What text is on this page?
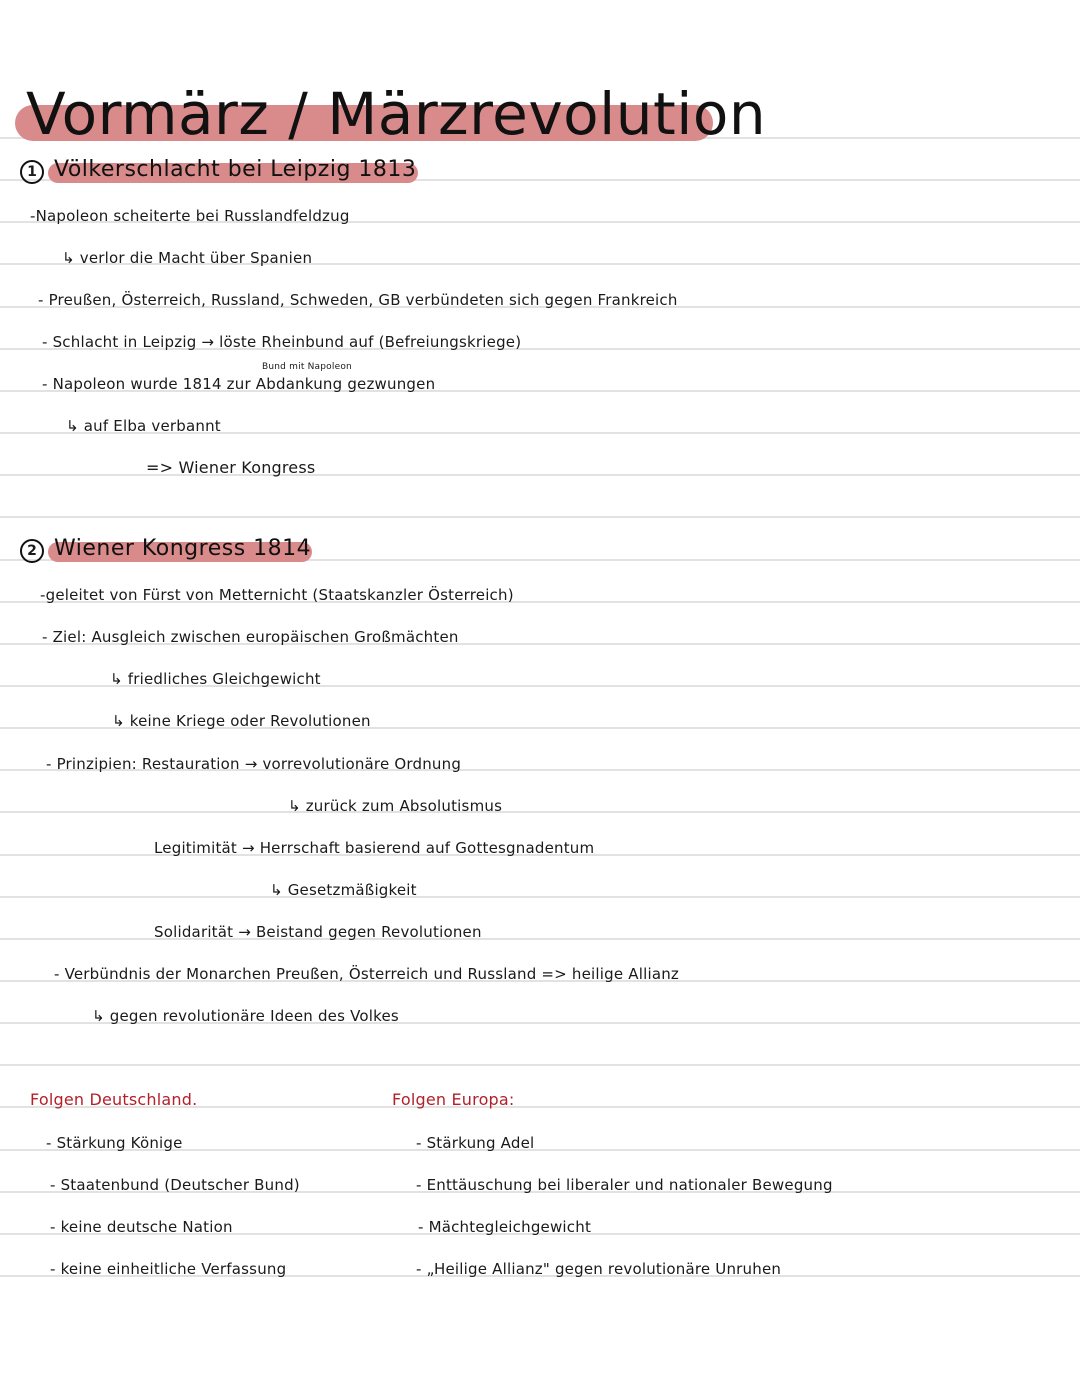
Vormärz / Märzrevolution
1 Völkerschlacht bei Leipzig 1813
-Napoleon scheiterte bei Russlandfeldzug
↳ verlor die Macht über Spanien
- Preußen, Österreich, Russland, Schweden, GB verbündeten sich gegen Frankreich
- Schlacht in Leipzig → löste Rheinbund auf (Befreiungskriege)
Bund mit Napoleon
- Napoleon wurde 1814 zur Abdankung gezwungen
↳ auf Elba verbannt
=> Wiener Kongress
2 Wiener Kongress 1814
-geleitet von Fürst von Metternicht (Staatskanzler Österreich)
- Ziel: Ausgleich zwischen europäischen Großmächten
↳ friedliches Gleichgewicht
↳ keine Kriege oder Revolutionen
- Prinzipien: Restauration → vorrevolutionäre Ordnung
↳ zurück zum Absolutismus
Legitimität → Herrschaft basierend auf Gottesgnadentum
↳ Gesetzmäßigkeit
Solidarität → Beistand gegen Revolutionen
- Verbündnis der Monarchen Preußen, Österreich und Russland => heilige Allianz
↳ gegen revolutionäre Ideen des Volkes
Folgen Deutschland.
- Stärkung Könige
- Staatenbund (Deutscher Bund)
- keine deutsche Nation
- keine einheitliche Verfassung
Folgen Europa:
- Stärkung Adel
- Enttäuschung bei liberaler und nationaler Bewegung
- Mächtegleichgewicht
- „Heilige Allianz" gegen revolutionäre Unruhen
